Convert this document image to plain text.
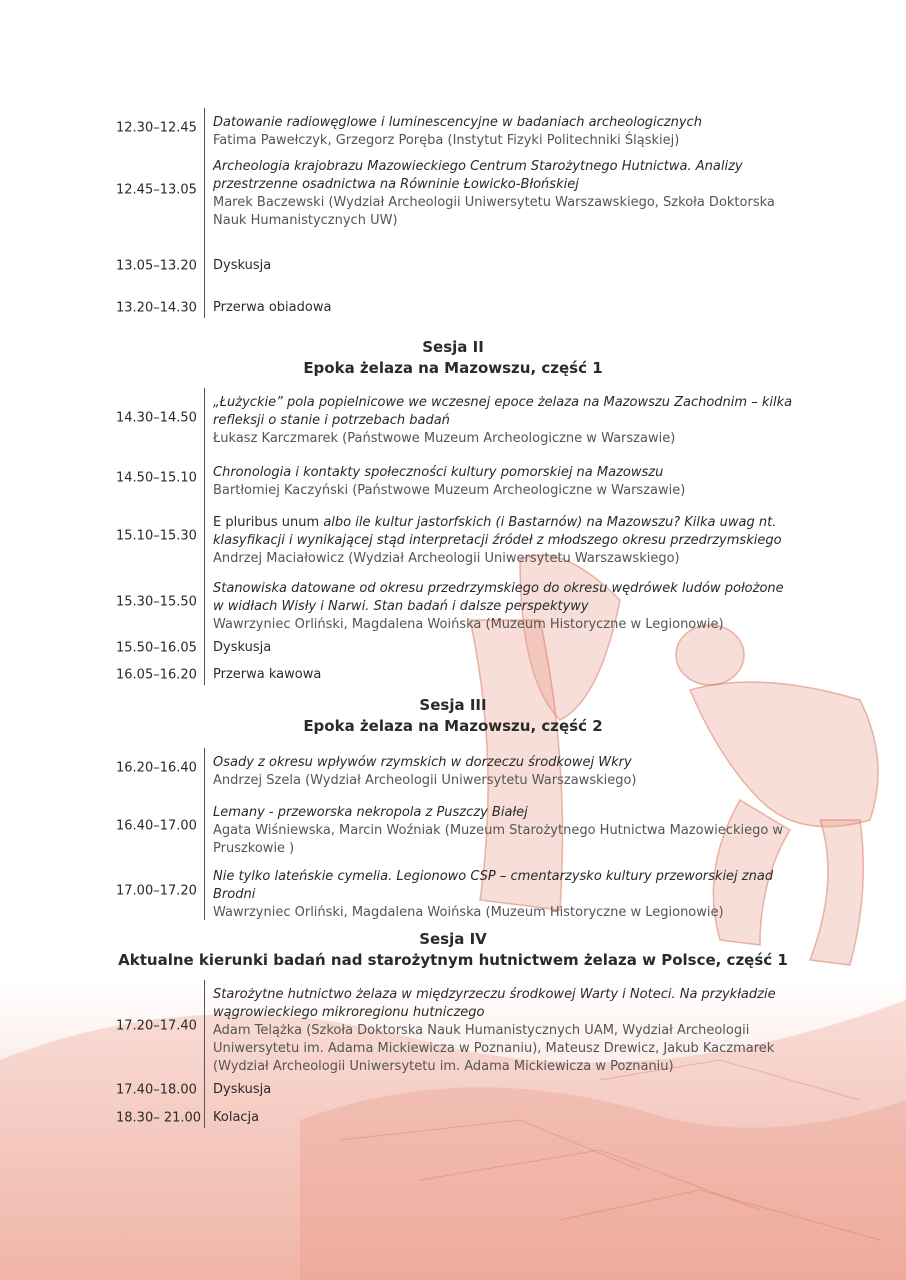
12.30–12.45 Datowanie radiowęglowe i luminescencyjne w badaniach archeologicznych
Fatima Pawełczyk, Grzegorz Poręba (Instytut Fizyki Politechniki Śląskiej)
12.45–13.05
Archeologia krajobrazu Mazowieckiego Centrum Starożytnego Hutnictwa. Analizy przestrzenne osadnictwa na Równinie Łowicko-Błońskiej
Marek Baczewski (Wydział Archeologii Uniwersytetu Warszawskiego, Szkoła Doktorska Nauk Humanistycznych UW)
13.05–13.20 Dyskusja
13.20–14.30 Przerwa obiadowa
Sesja II
Epoka żelaza na Mazowszu, część 1
14.30–14.50
„Łużyckie” pola popielnicowe we wczesnej epoce żelaza na Mazowszu Zachodnim – kilka refleksji o stanie i potrzebach badań
Łukasz Karczmarek (Państwowe Muzeum Archeologiczne w Warszawie)
14.50–15.10 Chronologia i kontakty społeczności kultury pomorskiej na Mazowszu
Bartłomiej Kaczyński (Państwowe Muzeum Archeologiczne w Warszawie)
15.10–15.30
E pluribus unum albo ile kultur jastorfskich (i Bastarnów) na Mazowszu? Kilka uwag nt. klasyfikacji i wynikającej stąd interpretacji źródeł z młodszego okresu przedrzymskiego
Andrzej Maciałowicz (Wydział Archeologii Uniwersytetu Warszawskiego)
15.30–15.50
Stanowiska datowane od okresu przedrzymskiego do okresu wędrówek ludów położone w widłach Wisły i Narwi. Stan badań i dalsze perspektywy
Wawrzyniec Orliński, Magdalena Woińska (Muzeum Historyczne w Legionowie)
15.50–16.05 Dyskusja
16.05–16.20 Przerwa kawowa
Sesja III
Epoka żelaza na Mazowszu, część 2
16.20–16.40 Osady z okresu wpływów rzymskich w dorzeczu środkowej Wkry
Andrzej Szela (Wydział Archeologii Uniwersytetu Warszawskiego)
16.40–17.00
Lemany - przeworska nekropola z Puszczy Białej
Agata Wiśniewska, Marcin Woźniak (Muzeum Starożytnego Hutnictwa Mazowieckiego w Pruszkowie )
17.00–17.20
Nie tylko lateńskie cymelia. Legionowo CSP – cmentarzysko kultury przeworskiej znad Brodni
Wawrzyniec Orliński, Magdalena Woińska (Muzeum Historyczne w Legionowie)
Sesja IV
Aktualne kierunki badań nad starożytnym hutnictwem żelaza w Polsce, część 1
17.20–17.40
Starożytne hutnictwo żelaza w międzyrzeczu środkowej Warty i Noteci. Na przykładzie wągrowieckiego mikroregionu hutniczego
Adam Telążka (Szkoła Doktorska Nauk Humanistycznych UAM, Wydział Archeologii Uniwersytetu im. Adama Mickiewicza w Poznaniu), Mateusz Drewicz, Jakub Kaczmarek (Wydział Archeologii Uniwersytetu im. Adama Mickiewicza w Poznaniu)
17.40–18.00 Dyskusja
18.30– 21.00 Kolacja
